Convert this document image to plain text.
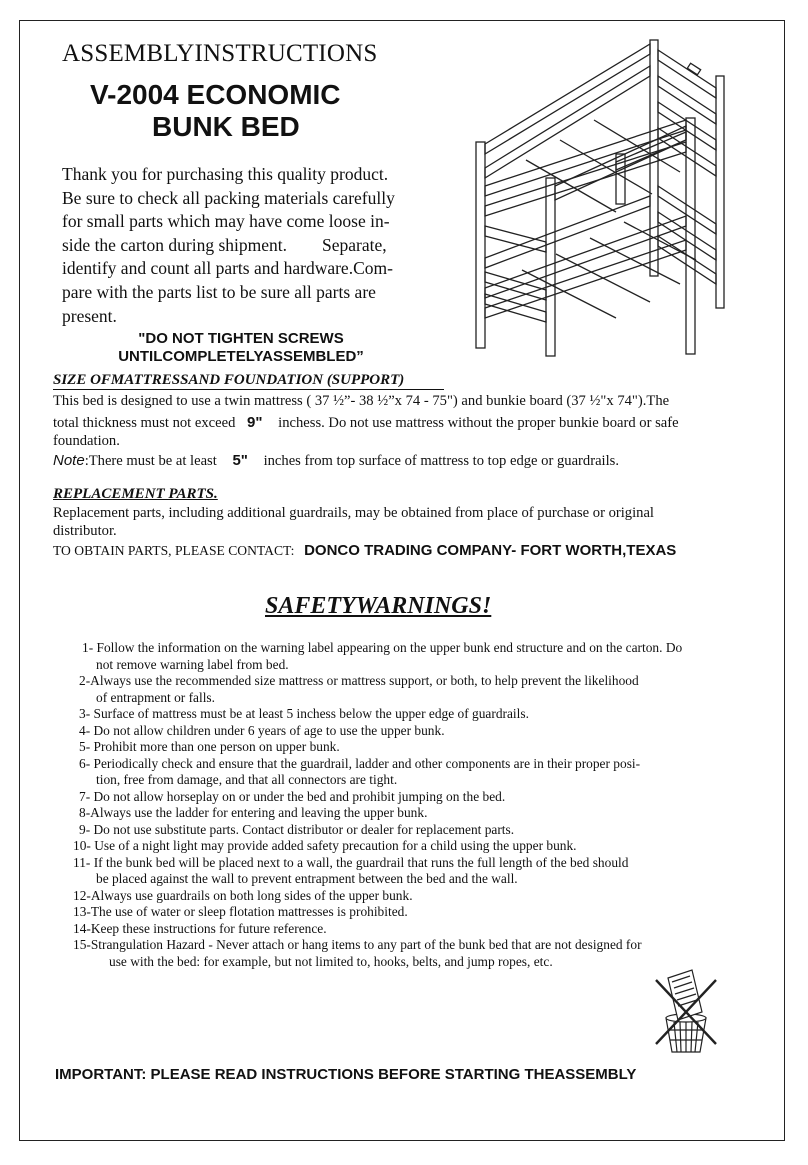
ASSEMBLYINSTRUCTIONS
V-2004 ECONOMIC
BUNK BED
Thank you for purchasing this quality product.
Be sure to check all packing materials carefully
for small parts which may have come loose in-
side the carton during shipment.        Separate,
identify and count all parts and hardware.Com-
pare with the parts list to be sure all parts are
present.
"DO NOT TIGHTEN SCREWS
UNTILCOMPLETELYASSEMBLED”
SIZE OFMATTRESSAND FOUNDATION (SUPPORT)
This bed is designed to use a twin mattress ( 37 ½”- 38 ½”x 74 - 75") and bunkie board (37 ½"x 74").The
total thickness must not exceed 9" inchess. Do not use mattress without the proper bunkie board or safe
foundation.
Note:There must be at least 5" inches from top surface of mattress to top edge or guardrails.
REPLACEMENT PARTS.
Replacement parts, including additional guardrails, may be obtained from place of purchase or original
distributor.
TO OBTAIN PARTS, PLEASE CONTACT: DONCO TRADING COMPANY- FORT WORTH,TEXAS
SAFETYWARNINGS!
1- Follow the information on the warning label appearing on the upper bunk end structure and on the carton. Do
not remove warning label from bed.
2-Always use the recommended size mattress or mattress support, or both, to help prevent the likelihood
of entrapment or falls.
3- Surface of mattress must be at least 5 inchess below the upper edge of guardrails.
4- Do not allow children under 6 years of age to use the upper bunk.
5- Prohibit more than one person on upper bunk.
6- Periodically check and ensure that the guardrail, ladder and other components are in their proper posi-
tion, free from damage, and that all connectors are tight.
7- Do not allow horseplay on or under the bed and prohibit jumping on the bed.
8-Always use the ladder for entering and leaving the upper bunk.
9- Do not use substitute parts. Contact distributor or dealer for replacement parts.
10- Use of a night light may provide added safety precaution for a child using the upper bunk.
11- If the bunk bed will be placed next to a wall, the guardrail that runs the full length of the bed should
be placed against the wall to prevent entrapment between the bed and the wall.
12-Always use guardrails on both long sides of the upper bunk.
13-The use of water or sleep flotation mattresses is prohibited.
14-Keep these instructions for future reference.
15-Strangulation Hazard - Never attach or hang items to any part of the bunk bed that are not designed for
use with the bed: for example, but not limited to, hooks, belts, and jump ropes, etc.
IMPORTANT: PLEASE READ INSTRUCTIONS BEFORE STARTING THEASSEMBLY
